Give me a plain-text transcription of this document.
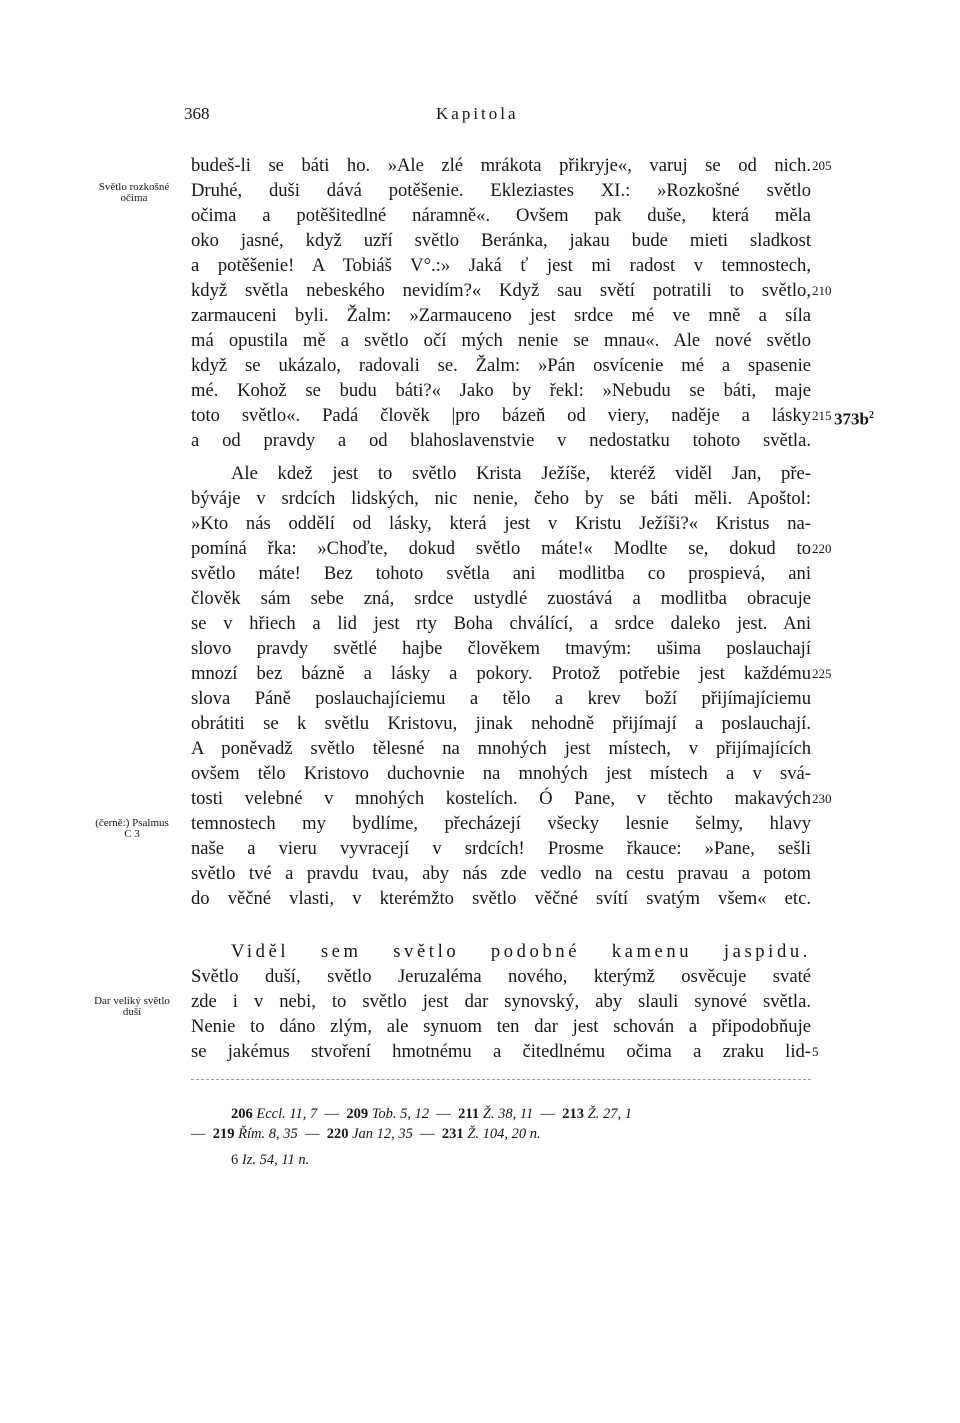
368	Kapitola
Světlo rozkošné
očima
(černě:) Psalmus
C 3
Dar veliký světlo
duší
budeš-li se báti ho. »Ale zlé mrákota přikryje«, varuj se od nich.
Druhé, duši dává potěšenie. Ekleziastes XI.: »Rozkošné světlo
očima a potěšitedlné náramně«. Ovšem pak duše, která měla
oko jasné, když uzří světlo Beránka, jakau bude mieti sladkost
a potěšenie! A Tobiáš V°.:» Jaká ť jest mi radost v temnostech,
když světla nebeského nevidím?« Když sau světí potratili to světlo,
zarmauceni byli. Žalm: »Zarmauceno jest srdce mé ve mně a síla
má opustila mě a světlo očí mých nenie se mnau«. Ale nové světlo
když se ukázalo, radovali se. Žalm: »Pán osvícenie mé a spasenie
mé. Kohož se budu báti?« Jako by řekl: »Nebudu se báti, maje
toto světlo«. Padá člověk |pro bázeň od viery, naděje a lásky
a od pravdy a od blahoslavenstvie v nedostatku tohoto světla.
Ale kdež jest to světlo Krista Ježíše, kteréž viděl Jan, pře-
býváje v srdcích lidských, nic nenie, čeho by se báti měli. Apoštol:
»Kto nás oddělí od lásky, která jest v Kristu Ježíši?« Kristus na-
pomíná řka: »Choďte, dokud světlo máte!« Modlte se, dokud to
světlo máte! Bez tohoto světla ani modlitba co prospievá, ani
člověk sám sebe zná, srdce ustydlé zuostává a modlitba obracuje
se v hřiech a lid jest rty Boha chválící, a srdce daleko jest. Ani
slovo pravdy světlé hajbe člověkem tmavým: ušima poslauchají
mnozí bez bázně a lásky a pokory. Protož potřebie jest každému
slova Páně poslauchajíciemu a tělo a krev boží přijímajíciemu
obrátiti se k světlu Kristovu, jinak nehodně přijímají a poslauchají.
A poněvadž světlo tělesné na mnohých jest místech, v přijímajících
ovšem tělo Kristovo duchovnie na mnohých jest místech a v svá-
tosti velebné v mnohých kostelích. Ó Pane, v těchto makavých
temnostech my bydlíme, přecházejí všecky lesnie šelmy, hlavy
naše a vieru vyvracejí v srdcích! Prosme řkauce: »Pane, sešli
světlo tvé a pravdu tvau, aby nás zde vedlo na cestu pravau a potom
do věčné vlasti, v kterémžto světlo věčné svítí svatým všem« etc.
Viděl sem světlo podobné kamenu jaspidu.
Světlo duší, světlo Jeruzaléma nového, kterýmž osvěcuje svaté
zde i v nebi, to světlo jest dar synovský, aby slauli synové světla.
Nenie to dáno zlým, ale synuom ten dar jest schován a připodobňuje
se jakémus stvoření hmotnému a čitedlnému očima a zraku lid-
205
210
215
220
225
230
5
$373b^2$
206 Eccl. 11, 7 — 209 Tob. 5, 12 — 211 Ž. 38, 11 — 213 Ž. 27, 1
— 219 Řím. 8, 35 — 220 Jan 12, 35 — 231 Ž. 104, 20 n.
6 Iz. 54, 11 n.
